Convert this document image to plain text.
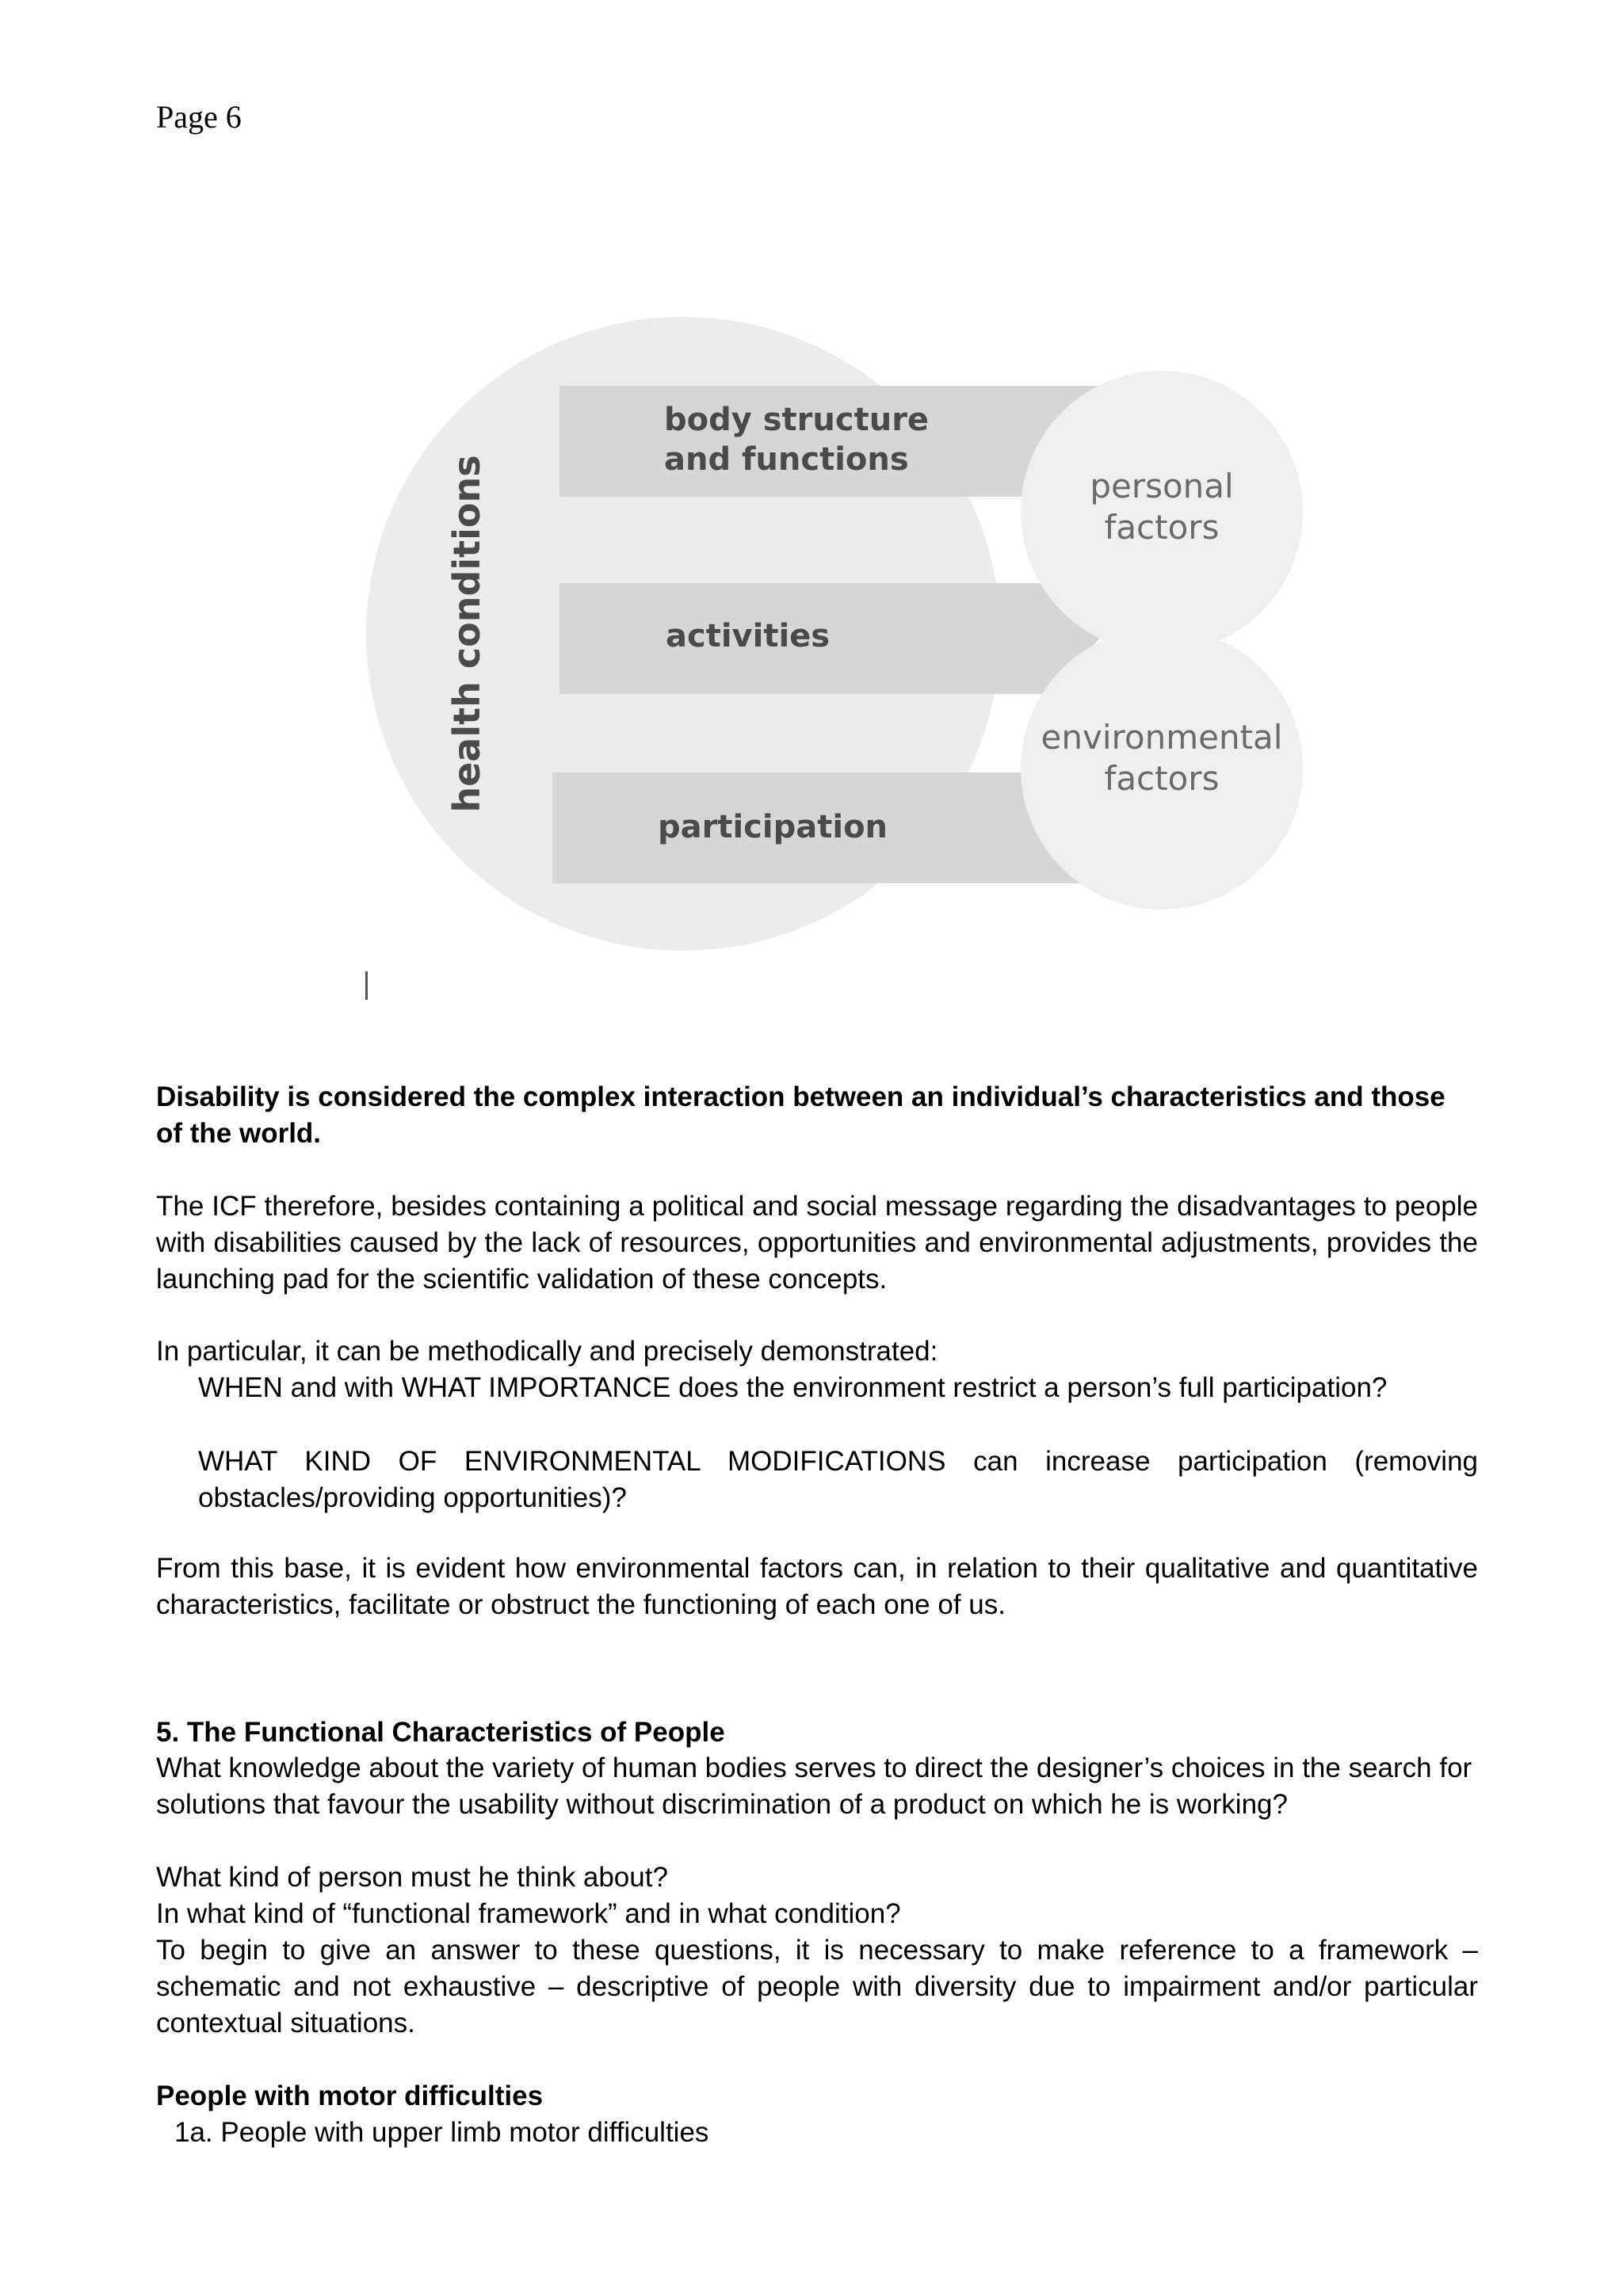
Page 6
health conditions
body structure
and functions
activities
participation
personal
factors
environmental
factors

Disability is considered the complex interaction between an individual’s characteristics and those of the world.

The ICF therefore, besides containing a political and social message regarding the disadvantages to people with disabilities caused by the lack of resources, opportunities and environmental adjustments, provides the launching pad for the scientific validation of these concepts.

In particular, it can be methodically and precisely demonstrated:

WHEN and with WHAT IMPORTANCE does the environment restrict a person’s full participation?

WHAT KIND OF ENVIRONMENTAL MODIFICATIONS can increase participation (removing obstacles/providing opportunities)?

From this base, it is evident how environmental factors can, in relation to their qualitative and quantitative characteristics, facilitate or obstruct the functioning of each one of us.

5. The Functional Characteristics of People

What knowledge about the variety of human bodies serves to direct the designer’s choices in the search for solutions that favour the usability without discrimination of a product on which he is working?

What kind of person must he think about?

In what kind of “functional framework” and in what condition?

To begin to give an answer to these questions, it is necessary to make reference to a framework – schematic and not exhaustive – descriptive of people with diversity due to impairment and/or particular contextual situations.

People with motor difficulties

1a. People with upper limb motor difficulties
